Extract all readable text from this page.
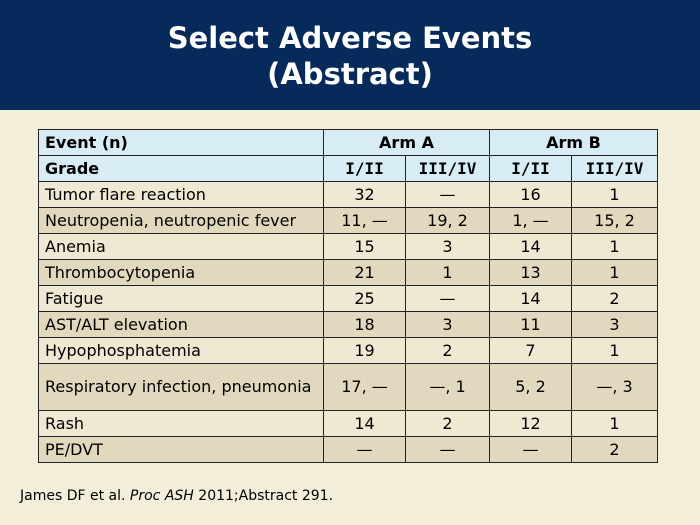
Select Adverse Events
(Abstract)
Event (n)	Arm A		Arm B	
Grade	I/II	III/IV	I/II	III/IV
Tumor flare reaction	32	—	16	1
Neutropenia, neutropenic fever	11, —	19, 2	1, —	15, 2
Anemia	15	3	14	1
Thrombocytopenia	21	1	13	1
Fatigue	25	—	14	2
AST/ALT elevation	18	3	11	3
Hypophosphatemia	19	2	7	1
Respiratory infection, pneumonia	17, —	—, 1	5, 2	—, 3
Rash	14	2	12	1
PE/DVT	—	—	—	2
James DF et al. Proc ASH 2011;Abstract 291.
